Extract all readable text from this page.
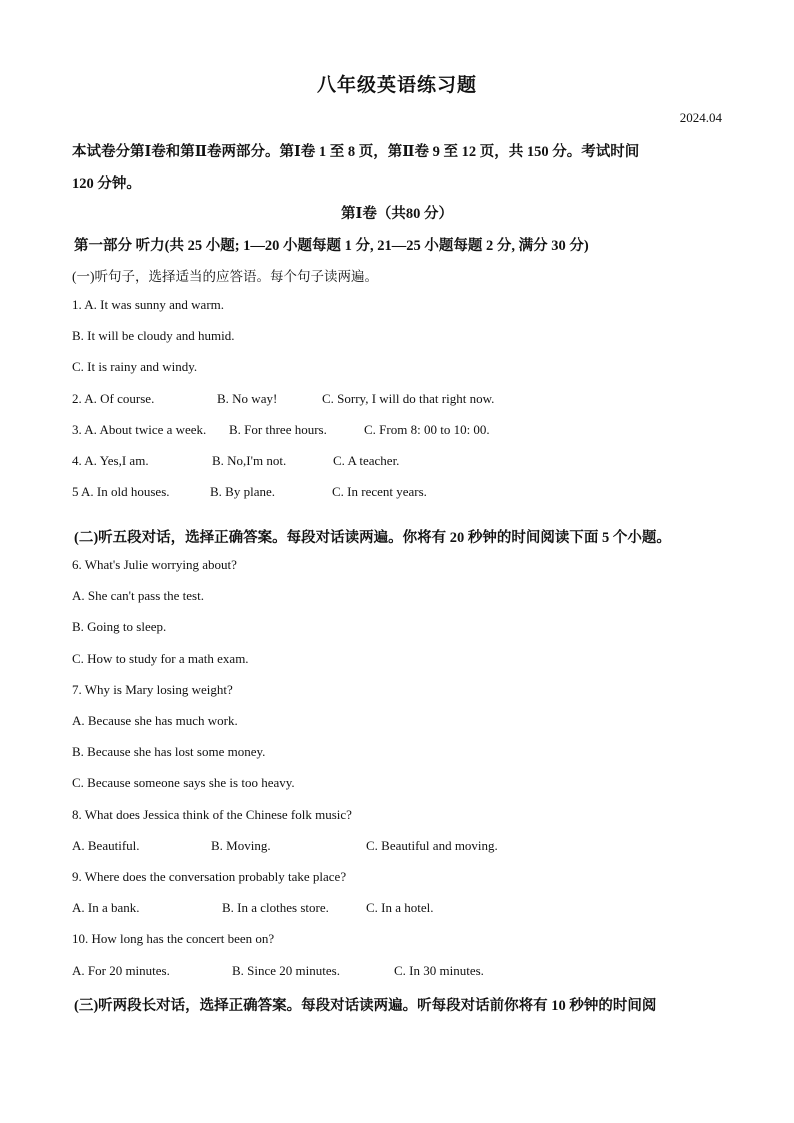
八年级英语练习题
2024.04
本试卷分第Ⅰ卷和第Ⅱ卷两部分。第Ⅰ卷 1 至 8 页，第Ⅱ卷 9 至 12 页，共 150 分。考试时间
120 分钟。
第Ⅰ卷（共80 分）
第一部分 听力(共 25 小题; 1—20 小题每题 1 分, 21—25 小题每题 2 分, 满分 30 分)
(一)听句子，选择适当的应答语。每个句子读两遍。
1. A. It was sunny and warm.
B. It will be cloudy and humid.
C. It is rainy and windy.
2. A. Of course.	B. No way!	C. Sorry, I will do that right now.
3. A. About twice a week. B. For three hours.	C. From 8: 00 to 10: 00.
4. A. Yes,I am.	B. No,I'm not.	C. A teacher.
5 A. In old houses.	B. By plane.	C. In recent years.
(二)听五段对话，选择正确答案。每段对话读两遍。你将有 20 秒钟的时间阅读下面 5 个小题。
6. What's Julie worrying about?
A. She can't pass the test.
B. Going to sleep.
C. How to study for a math exam.
7. Why is Mary losing weight?
A. Because she has much work.
B. Because she has lost some money.
C. Because someone says she is too heavy.
8. What does Jessica think of the Chinese folk music?
A. Beautiful.	B. Moving.	C. Beautiful and moving.
9. Where does the conversation probably take place?
A. In a bank.	B. In a clothes store.	C. In a hotel.
10. How long has the concert been on?
A. For 20 minutes.	B. Since 20 minutes.	C. In 30 minutes.
(三)听两段长对话，选择正确答案。每段对话读两遍。听每段对话前你将有 10 秒钟的时间阅
